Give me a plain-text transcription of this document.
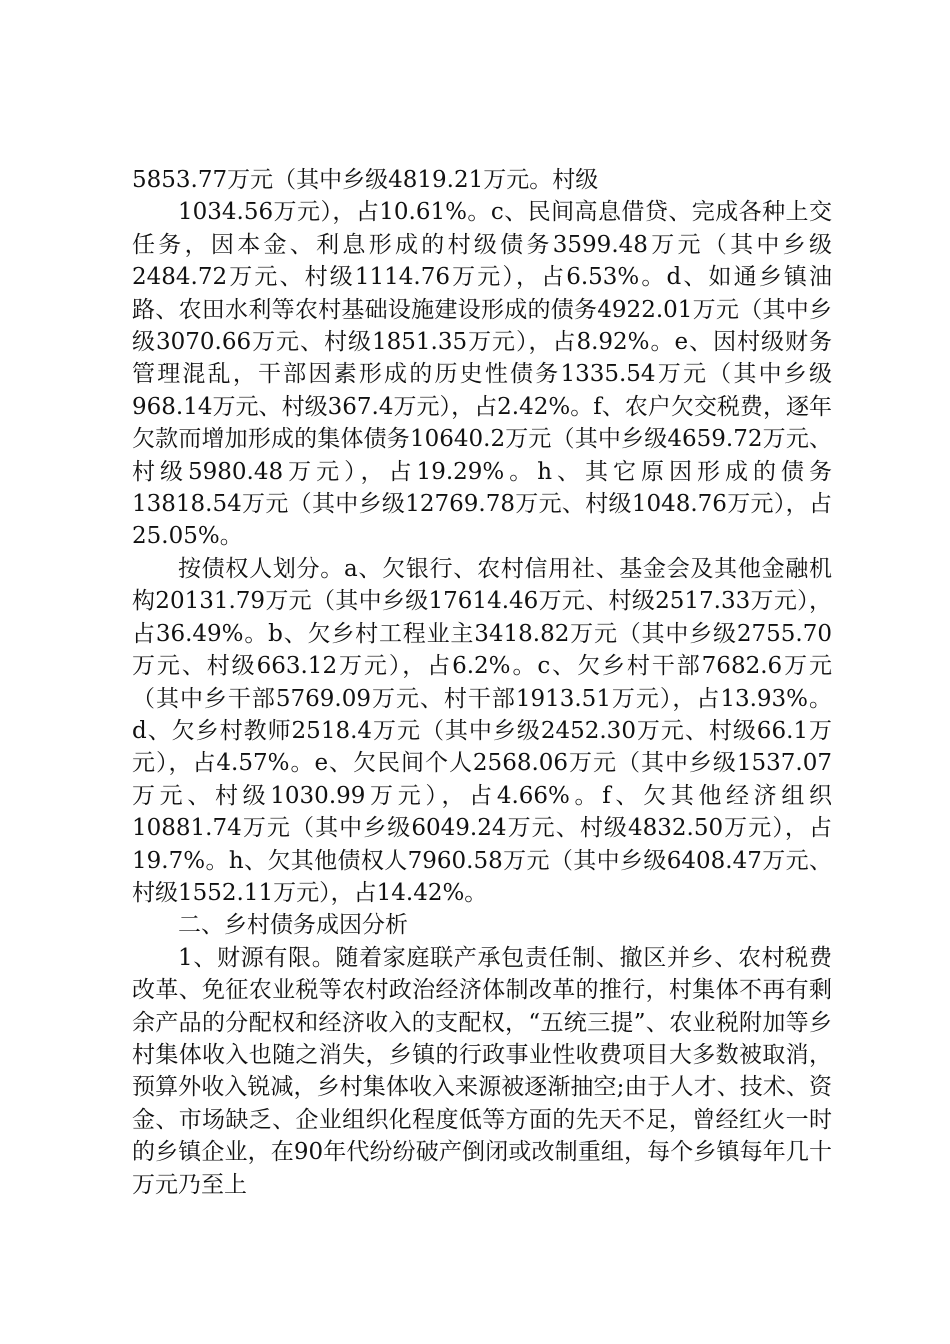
5853.77万元（其中乡级4819.21万元。村级

1034.56万元），占10.61%。c、民间高息借贷、完成各种上交任务，因本金、利息形成的村级债务3599.48万元（其中乡级2484.72万元、村级1114.76万元），占6.53%。d、如通乡镇油路、农田水利等农村基础设施建设形成的债务4922.01万元（其中乡级3070.66万元、村级1851.35万元），占8.92%。e、因村级财务管理混乱，干部因素形成的历史性债务1335.54万元（其中乡级968.14万元、村级367.4万元），占2.42%。f、农户欠交税费，逐年欠款而增加形成的集体债务10640.2万元（其中乡级4659.72万元、村级5980.48万元），占19.29%。h、其它原因形成的债务13818.54万元（其中乡级12769.78万元、村级1048.76万元），占25.05%。

按债权人划分。a、欠银行、农村信用社、基金会及其他金融机构20131.79万元（其中乡级17614.46万元、村级2517.33万元），占36.49%。b、欠乡村工程业主3418.82万元（其中乡级2755.70万元、村级663.12万元），占6.2%。c、欠乡村干部7682.6万元（其中乡干部5769.09万元、村干部1913.51万元），占13.93%。d、欠乡村教师2518.4万元（其中乡级2452.30万元、村级66.1万元），占4.57%。e、欠民间个人2568.06万元（其中乡级1537.07万元、村级1030.99万元），占4.66%。f、欠其他经济组织10881.74万元（其中乡级6049.24万元、村级4832.50万元），占19.7%。h、欠其他债权人7960.58万元（其中乡级6408.47万元、村级1552.11万元），占14.42%。

二、乡村债务成因分析

1、财源有限。随着家庭联产承包责任制、撤区并乡、农村税费改革、免征农业税等农村政治经济体制改革的推行，村集体不再有剩余产品的分配权和经济收入的支配权，“五统三提”、农业税附加等乡村集体收入也随之消失，乡镇的行政事业性收费项目大多数被取消，预算外收入锐减，乡村集体收入来源被逐渐抽空;由于人才、技术、资金、市场缺乏、企业组织化程度低等方面的先天不足，曾经红火一时的乡镇企业，在90年代纷纷破产倒闭或改制重组，每个乡镇每年几十万元乃至上
